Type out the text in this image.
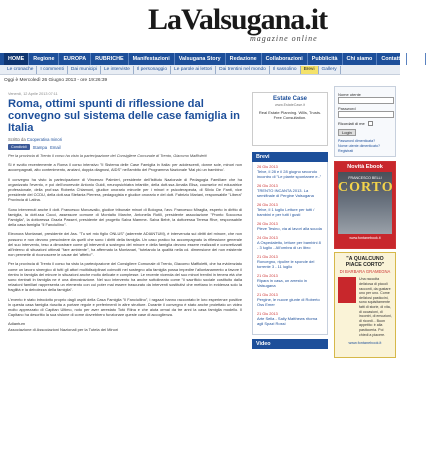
LaValsugana.it
magazine online
HOME	Regione	EUROPA	RUBRICHE	Manifestazioni	Valsugana Story	Redazione	Collaborazioni	Pubblicità	Chi siamo	Contatti	Map
Le cronache	I commenti	Dai municipi	Le interviste	Il personaggio	Le parole ai lettori	Dai trentini nel mondo	Il sassolino	Brevi	Gallery
Oggi è Mercoledì 26 Giugno 2013 - ore 19:26:39
Venerdì, 12 Aprile 2013 07:11
Roma, ottimi spunti di riflessione dal convegno sul sistema delle case famiglia in Italia
Scritto da Cooperativa minori
Condividi	Stampa Email

Per la provincia di Trento il corso ha visto la partecipazione del Consigliere Comunale di Trento, Giacomo Maffioletti

Si è svolto recentemente a Roma il corso intensivo "Il Sistema delle Case Famiglia in Italia: per adolescenti, donne sole, minori non accompagnati, alto contenimento, anziani, doppia diagnosi, AIDS" nell'ambito del Programma Nazionale 'Mai più un bambino'.

Il convegno ha visto la partecipazione di Vincenzo Palmieri, presidente dell'Istituto Nazionale di Pedagogia Familiare che ha organizzato l'evento, e poi dell'onorevole Antonio Guidi, neuropsichiatra infantile, della dott.ssa Amalia Elisa, counselor ed educatrice professionale, della prof.ssa Roberta Chiamoni, giudice onorario minorile per i minori e psicoterapeuta, di Silvio De Fanti, vice presidente del CCDU, della dott.ssa Stefania Pierrera, pedagogista e giudice onorario e del dott. Fabrizio Mariani, responsabile "Libera" Provincia di Latina.

Sono intervenuti anche il dott. Francesco Morcavallo, giudice tribunale minori di Bologna, l'avv. Francesco Miraglia, esperto in diritto di famiglia, la dott.ssa Cocci, assessore comune di Montalto Marche, Antonella Rotili, presidente associazione "Pronto Soccorso Famiglia", la dottoressa Grazia Passeri, presidente del progetto Salva Mamme- Salva Bebè, la dottoressa Teresa Rive, responsabile della casa famiglia "Il Fanciullino".

Eleonora Montanari, presidente dei Ass. "Tu sei mio figlio ONLUS" (aderente ADIANTUM), è intervenuta sui diritti del minore, che non possono e non devono prescindere da quelli che sono i diritti della famiglia. Un caso pratico ha accompagnato la riflessione generale del suo intervento, teso a dimostrare come gli interventi a sostegno del minore e della famiglia devono essere realizzati e concretizzati all'interno di situazioni ottimali "fare ambiente", ha affermato la Montanari, "tutelando la qualità nella cd. dimensione dei non esistente non permette di riconoscere le cause del 'affetto'".

Per la provincia di Trento il corso ha visto la partecipazione del Consigliere Comunale di Trento, Giacomo Maffioletti, che ha evidenziato come un lavoro sinergico di tutti gli attori multidisciplinari coinvolti nel sostegno alla famiglia possa impedire l'allontanamento a favore il rientro in famiglia del minore in situazioni anche molto delicate e complesse. Le recente vicenda del suo minori trentini in tenera età che sono rientrati in famiglia ne è una dimostrazione. Nel suo intervento ha anche sottolineato come "il sacrificio sociale costituito dalla relazioni familiari rappresenta un elemento con cui poter mai essere trascurato da interventi sostitutivi che mettano in evidenza solo la fragilità e la debolezza della famiglia".

L'evento è stato introdotto proprio dagli ospiti della Casa Famiglia "Il Fanciullino", i ragazzi hanno raccontato le loro esperienze positive in questa casa famiglia riuscita a portare regole e preferimenti in altre strutture. Durante il convegno è stato anche proiettato un video molto apprezzato di Capitan Ultimo, noto per aver arrestato Totò Riina e che aiuta ormai da tre anni la casa famiglia modello. Il Capitano ha descritto la sua visione di come dovrebbero funzionare queste case di accoglienza.

Adiantum
Associazione di Associazioni Nazionali per la Tutela dei Minori
Estate Case
www.EstateCase.it
Real Estate Planning. Wills, Trusts. Free Consultation.
Brevi
26 Giu 2013
Telve, il 28 e il 28 giugno secondo incontro di "Le piante spontanee e.."
26 Giu 2013
TRENTO INCANTA 2013. La semifinale di Pergine Valsugana
26 Giu 2013
Telve, il 1 luglio Letture per tutti / bambini e per tutti i gusti
26 Giu 2013
Pieve Tesino, via ai lavori alla scuola
24 Giu 2013
A Ospedaletto, letture per bambini 8 - 3 luglio - All'ombra di un libro
21 Giu 2013
Roncegno, ripulire le sponde del torrente 3 - 11 luglio
21 Giu 2013
Ripara in casa, un arresto in Valsugana
21 Giu 2013
Pergine, le nuove giunte di Roberto Oss Emer
21 Giu 2013
Arte Sella - Sally Matthews ritorna agli Spazi Rossi
Video
Nome utente
Password
Ricordati di me
Login
Password dimenticata?
Nome utente dimenticato?
Registrati
Novità Ebook
FRANCESCO BELLI
CORTO
www.fontanebook.it
"A QUALCUNO PIACE CORTO"
DI BARBARA GRAMEGNA
Una raccolta deliziosa di piccoli racconti, da gustare uno per uno. Come deliziosi pasticcini, sono squisitamente fatti di storie, di vita, di occasioni, di incontri, di emozioni, di ricordi... Buon appetito: è alla pasticceria. Poi chiedi a piacere.
www.fontanebook.it
